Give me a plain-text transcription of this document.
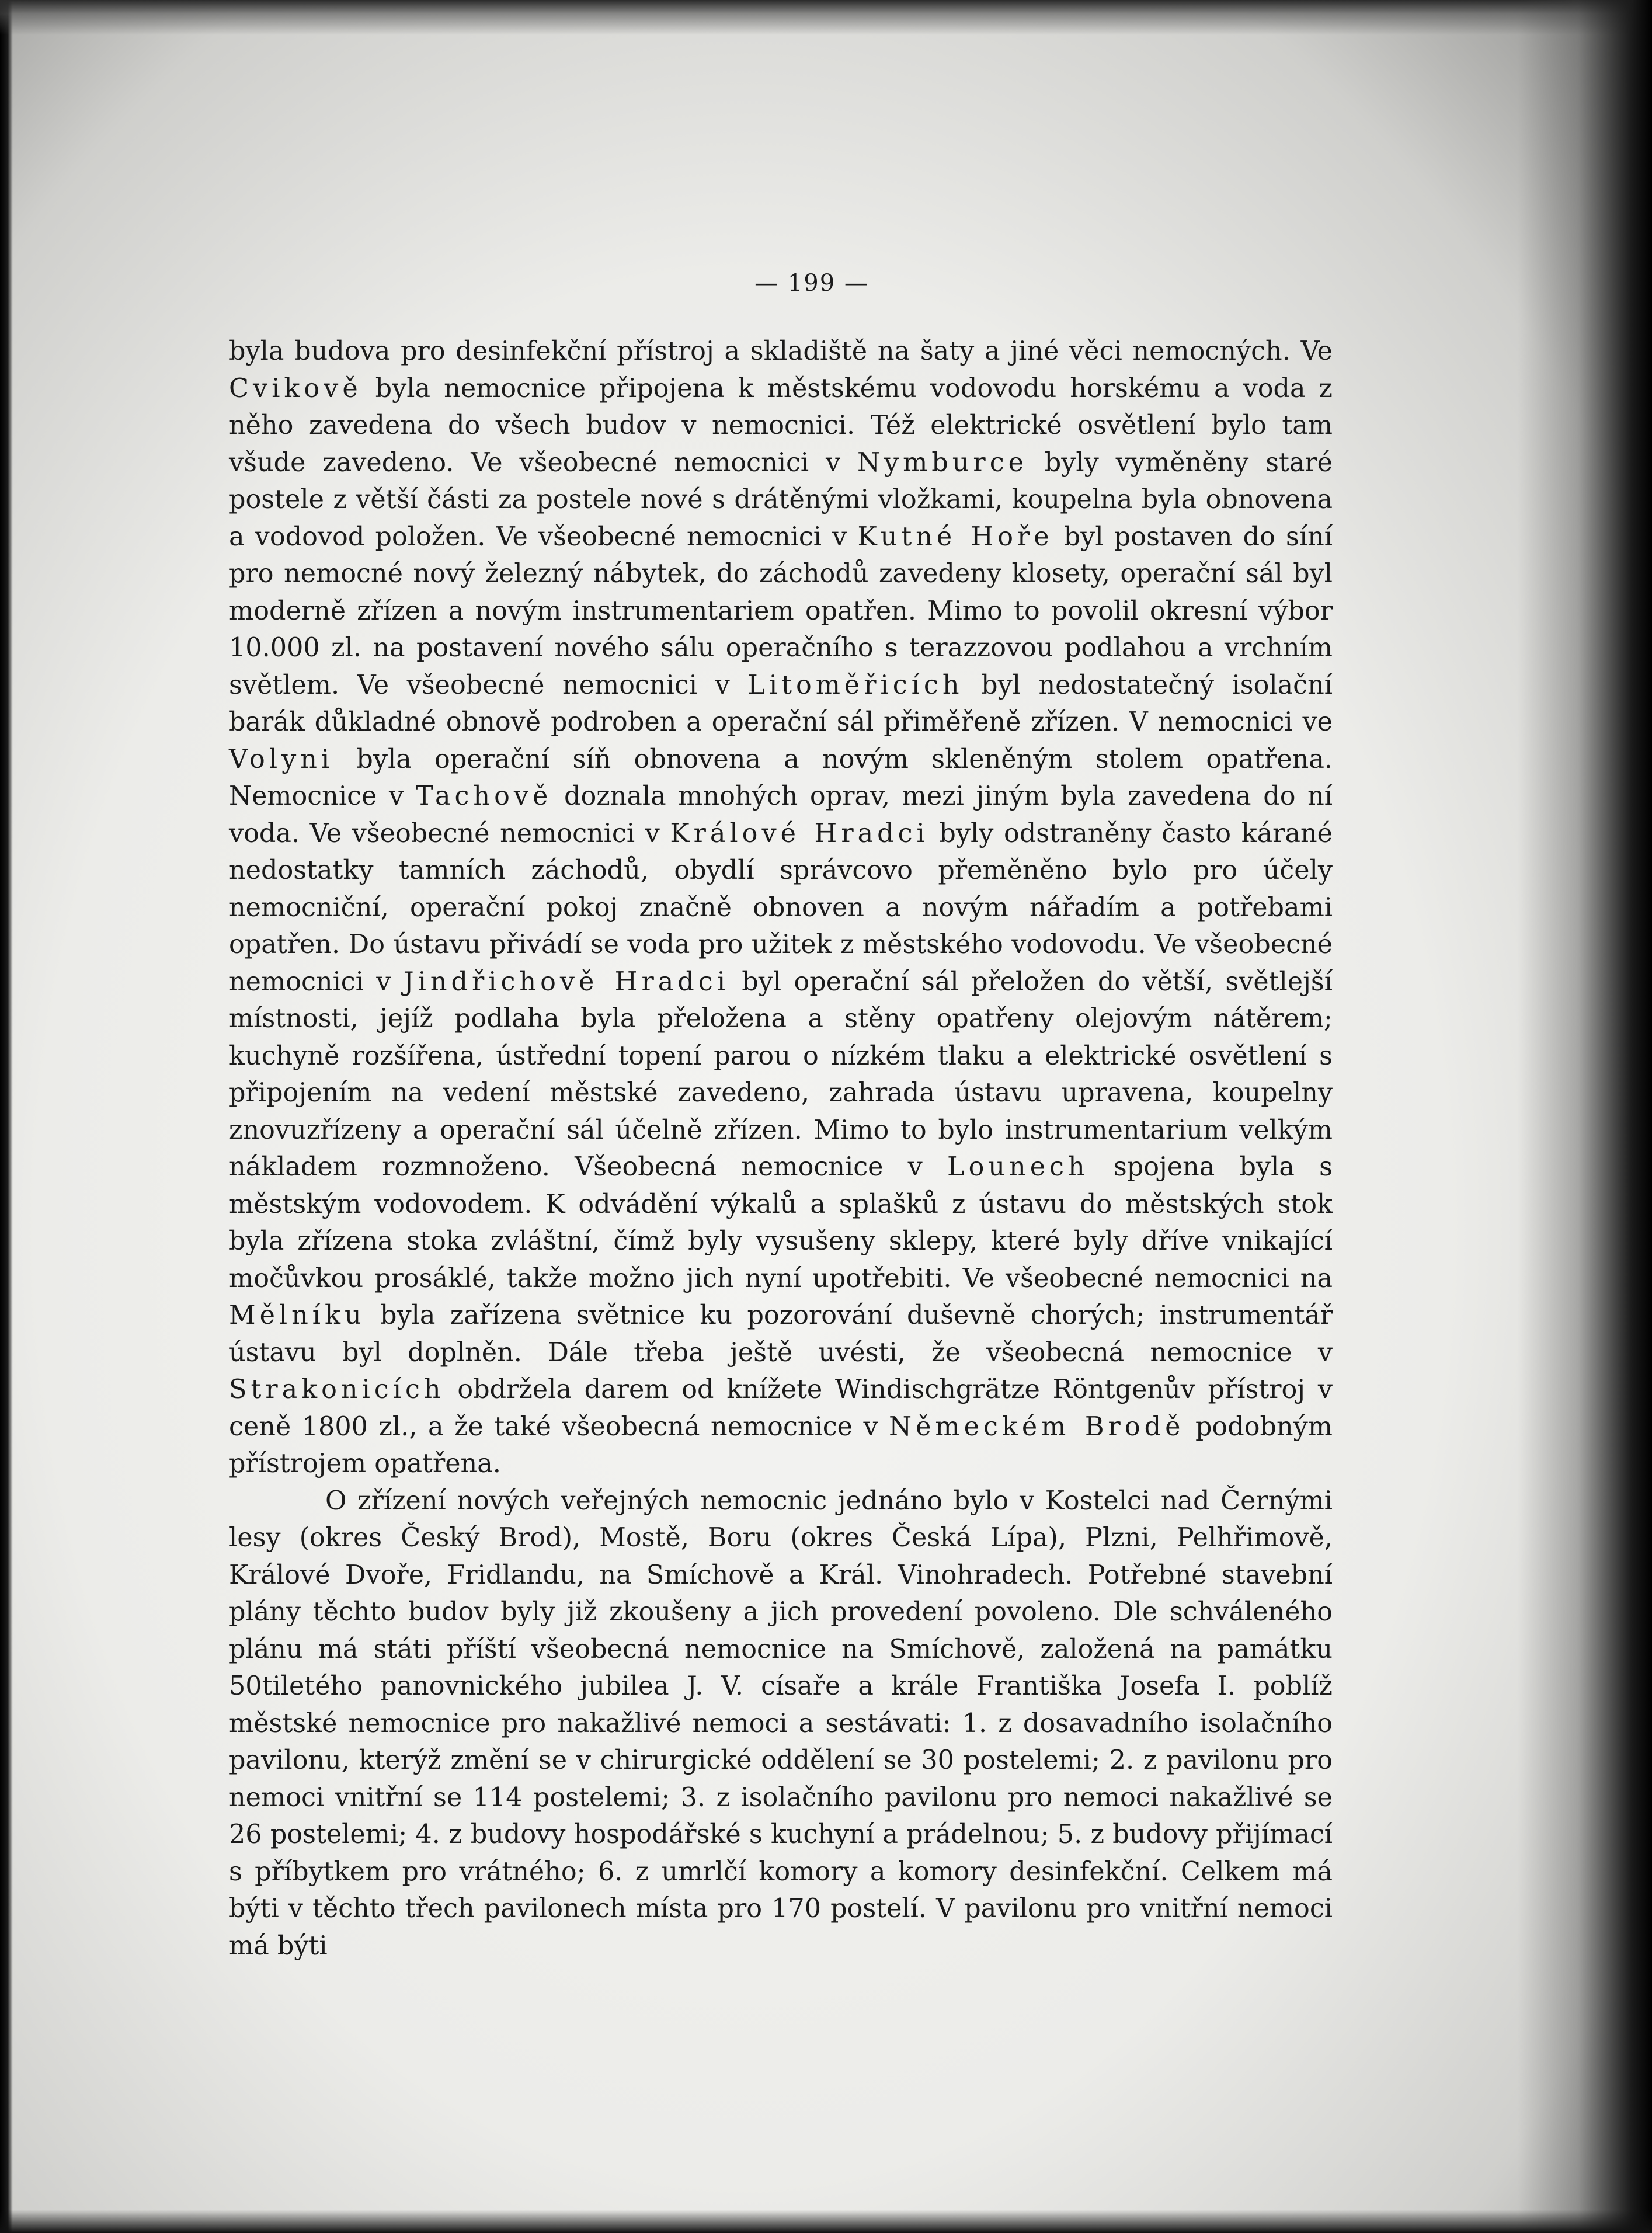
— 199 —

byla budova pro desinfekční přístroj a skladiště na šaty a jiné věci nemocných. Ve Cvikově byla nemocnice připojena k městskému vodovodu horskému a voda z něho zavedena do všech budov v nemocnici. Též elektrické osvětlení bylo tam všude zavedeno. Ve všeobecné nemocnici v Nymburce byly vyměněny staré postele z větší části za postele nové s drátěnými vložkami, koupelna byla obnovena a vodovod položen. Ve všeobecné nemocnici v Kutné Hoře byl postaven do síní pro nemocné nový železný nábytek, do záchodů zavedeny klosety, operační sál byl moderně zřízen a novým instrumentariem opatřen. Mimo to povolil okresní výbor 10.000 zl. na postavení nového sálu operačního s terazzovou podlahou a vrchním světlem. Ve všeobecné nemocnici v Litoměřicích byl nedostatečný isolační barák důkladné obnově podroben a operační sál přiměřeně zřízen. V nemocnici ve Volyni byla operační síň obnovena a novým skleněným stolem opatřena. Nemocnice v Tachově doznala mnohých oprav, mezi jiným byla zavedena do ní voda. Ve všeobecné nemocnici v Králové Hradci byly odstraněny často kárané nedostatky tamních záchodů, obydlí správcovo přeměněno bylo pro účely nemocniční, operační pokoj značně obnoven a novým nářadím a potřebami opatřen. Do ústavu přivádí se voda pro užitek z městského vodovodu. Ve všeobecné nemocnici v Jindřichově Hradci byl operační sál přeložen do větší, světlejší místnosti, jejíž podlaha byla přeložena a stěny opatřeny olejovým nátěrem; kuchyně rozšířena, ústřední topení parou o nízkém tlaku a elektrické osvětlení s připojením na vedení městské zavedeno, zahrada ústavu upravena, koupelny znovuzřízeny a operační sál účelně zřízen. Mimo to bylo instrumentarium velkým nákladem rozmnoženo. Všeobecná nemocnice v Lounech spojena byla s městským vodovodem. K odvádění výkalů a splašků z ústavu do městských stok byla zřízena stoka zvláštní, čímž byly vysušeny sklepy, které byly dříve vnikající močůvkou prosáklé, takže možno jich nyní upotřebiti. Ve všeobecné nemocnici na Mělníku byla zařízena světnice ku pozorování duševně chorých; instrumentář ústavu byl doplněn. Dále třeba ještě uvésti, že všeobecná nemocnice v Strakonicích obdržela darem od knížete Windischgrätze Röntgenův přístroj v ceně 1800 zl., a že také všeobecná nemocnice v Německém Brodě podobným přístrojem opatřena.

O zřízení nových veřejných nemocnic jednáno bylo v Kostelci nad Černými lesy (okres Český Brod), Mostě, Boru (okres Česká Lípa), Plzni, Pelhřimově, Králové Dvoře, Fridlandu, na Smíchově a Král. Vinohradech. Potřebné stavební plány těchto budov byly již zkoušeny a jich provedení povoleno. Dle schváleného plánu má státi příští všeobecná nemocnice na Smíchově, založená na památku 50tiletého panovnického jubilea J. V. císaře a krále Františka Josefa I. poblíž městské nemocnice pro nakažlivé nemoci a sestávati: 1. z dosavadního isolačního pavilonu, kterýž změní se v chirurgické oddělení se 30 postelemi; 2. z pavilonu pro nemoci vnitřní se 114 postelemi; 3. z isolačního pavilonu pro nemoci nakažlivé se 26 postelemi; 4. z budovy hospodářské s kuchyní a prádelnou; 5. z budovy přijímací s příbytkem pro vrátného; 6. z umrlčí komory a komory desinfekční. Celkem má býti v těchto třech pavilonech místa pro 170 postelí. V pavilonu pro vnitřní nemoci má býti
